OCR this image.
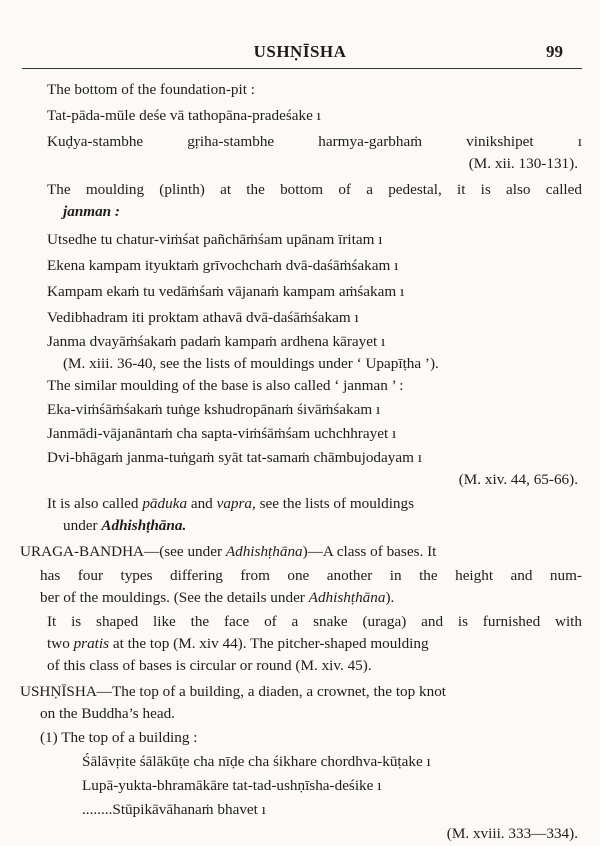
USHṆĪSHA	99
The bottom of the foundation-pit :
Tat-pāda-mūle deśe vā tathopāna-pradeśake ı
Kuḍya-stambhe gṛiha-stambhe harmya-garbhaṁ vinikshipet ı
(M. xii. 130-131).
The moulding (plinth) at the bottom of a pedestal, it is also called
janman :
Utsedhe tu chatur-viṁśat pañchāṁśam upānam īritam ı
Ekena kampam ityuktaṁ grīvochchaṁ dvā-daśāṁśakam ı
Kampam ekaṁ tu vedāṁśaṁ vājanaṁ kampam aṁśakam ı
Vedibhadram iti proktam athavā dvā-daśāṁśakam ı
Janma dvayāṁśakaṁ padaṁ kampaṁ ardhena kārayet ı
(M. xiii. 36-40, see the lists of mouldings under ‘ Upapīṭha ’).
The similar moulding of the base is also called ‘ janman ’ :
Eka-viṁśāṁśakaṁ tuṅge kshudropānaṁ śivāṁśakam ı
Janmādi-vājanāntaṁ cha sapta-viṁśāṁśam uchchhrayet ı
Dvi-bhāgaṁ janma-tuṅgaṁ syāt tat-samaṁ chāmbujodayam ı
(M. xiv. 44, 65-66).
It is also called pāduka and vapra, see the lists of mouldings
under Adhishṭhāna.
URAGA-BANDHA—(see under Adhishṭhāna)—A class of bases. It
has four types differing from one another in the height and num-
ber of the mouldings. (See the details under Adhishṭhāna).
It is shaped like the face of a snake (uraga) and is furnished with
two pratis at the top (M. xiv 44). The pitcher-shaped moulding
of this class of bases is circular or round (M. xiv. 45).
USHṆĪSHA—The top of a building, a diaden, a crownet, the top knot
on the Buddha’s head.
(1) The top of a building :
Śālāvṛite śālākūṭe cha nīḍe cha śikhare chordhva-kūṭake ı
Lupā-yukta-bhramākāre tat-tad-ushṇīsha-deśike ı
........Stūpikāvāhanaṁ bhavet ı
(M. xviii. 333—334).
